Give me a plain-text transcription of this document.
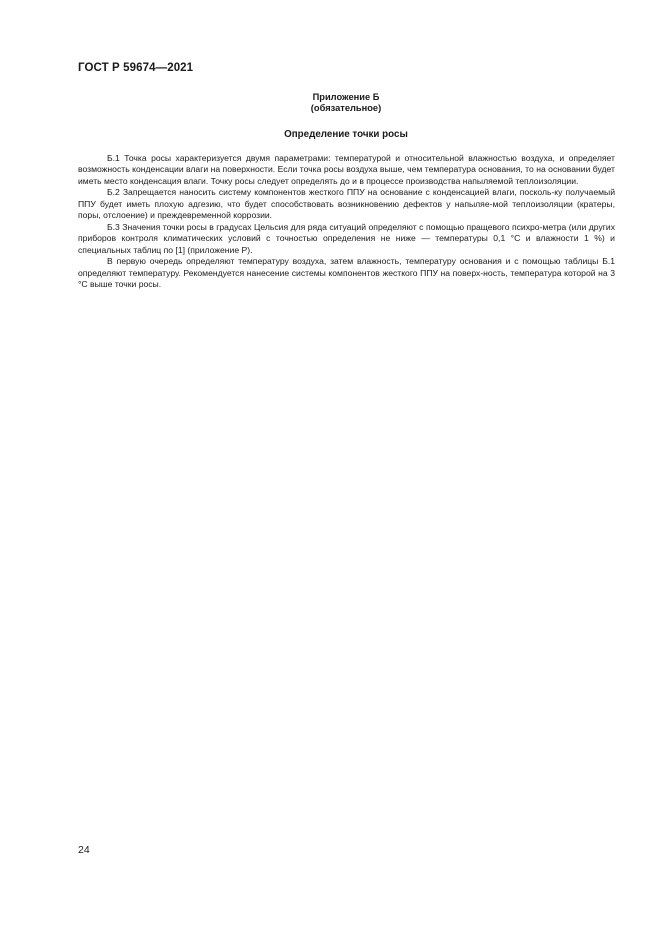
ГОСТ Р 59674—2021
Приложение Б
(обязательное)
Определение точки росы

Б.1 Точка росы характеризуется двумя параметрами: температурой и относительной влажностью воздуха, и определяет возможность конденсации влаги на поверхности. Если точка росы воздуха выше, чем температура основания, то на основании будет иметь место конденсация влаги. Точку росы следует определять до и в процессе производства напыляемой теплоизоляции.

Б.2 Запрещается наносить систему компонентов жесткого ППУ на основание с конденсацией влаги, посколь-ку получаемый ППУ будет иметь плохую адгезию, что будет способствовать возникновению дефектов у напыляе-мой теплоизоляции (кратеры, поры, отслоение) и преждевременной коррозии.

Б.3 Значения точки росы в градусах Цельсия для ряда ситуаций определяют с помощью пращевого психро-метра (или других приборов контроля климатических условий с точностью определения не ниже — температуры 0,1 °С и влажности 1 %) и специальных таблиц по [1] (приложение Р).

В первую очередь определяют температуру воздуха, затем влажность, температуру основания и с помощью таблицы Б.1 определяют температуру. Рекомендуется нанесение системы компонентов жесткого ППУ на поверх-ность, температура которой на 3 °С выше точки росы.

24
